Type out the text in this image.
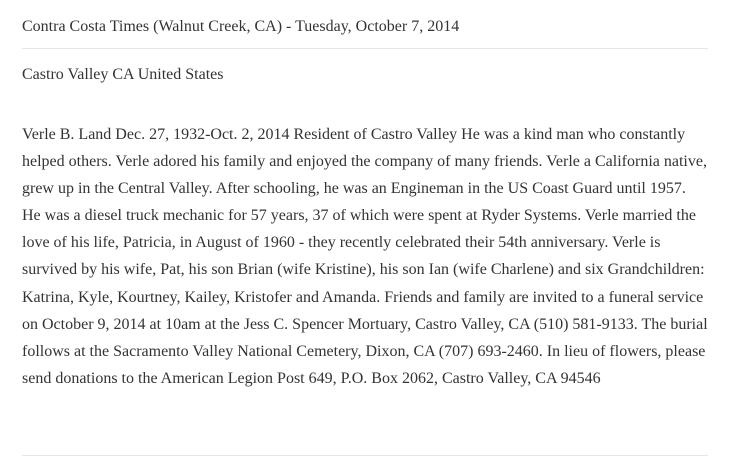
Contra Costa Times (Walnut Creek, CA) - Tuesday, October 7, 2014
Castro Valley CA United States

Verle B. Land Dec. 27, 1932-Oct. 2, 2014 Resident of Castro Valley He was a kind man who constantly helped others. Verle adored his family and enjoyed the company of many friends. Verle a California native, grew up in the Central Valley. After schooling, he was an Engineman in the US Coast Guard until 1957. He was a diesel truck mechanic for 57 years, 37 of which were spent at Ryder Systems. Verle married the love of his life, Patricia, in August of 1960 - they recently celebrated their 54th anniversary. Verle is survived by his wife, Pat, his son Brian (wife Kristine), his son Ian (wife Charlene) and six Grandchildren: Katrina, Kyle, Kourtney, Kailey, Kristofer and Amanda. Friends and family are invited to a funeral service on October 9, 2014 at 10am at the Jess C. Spencer Mortuary, Castro Valley, CA (510) 581-9133. The burial follows at the Sacramento Valley National Cemetery, Dixon, CA (707) 693-2460. In lieu of flowers, please send donations to the American Legion Post 649, P.O. Box 2062, Castro Valley, CA 94546
